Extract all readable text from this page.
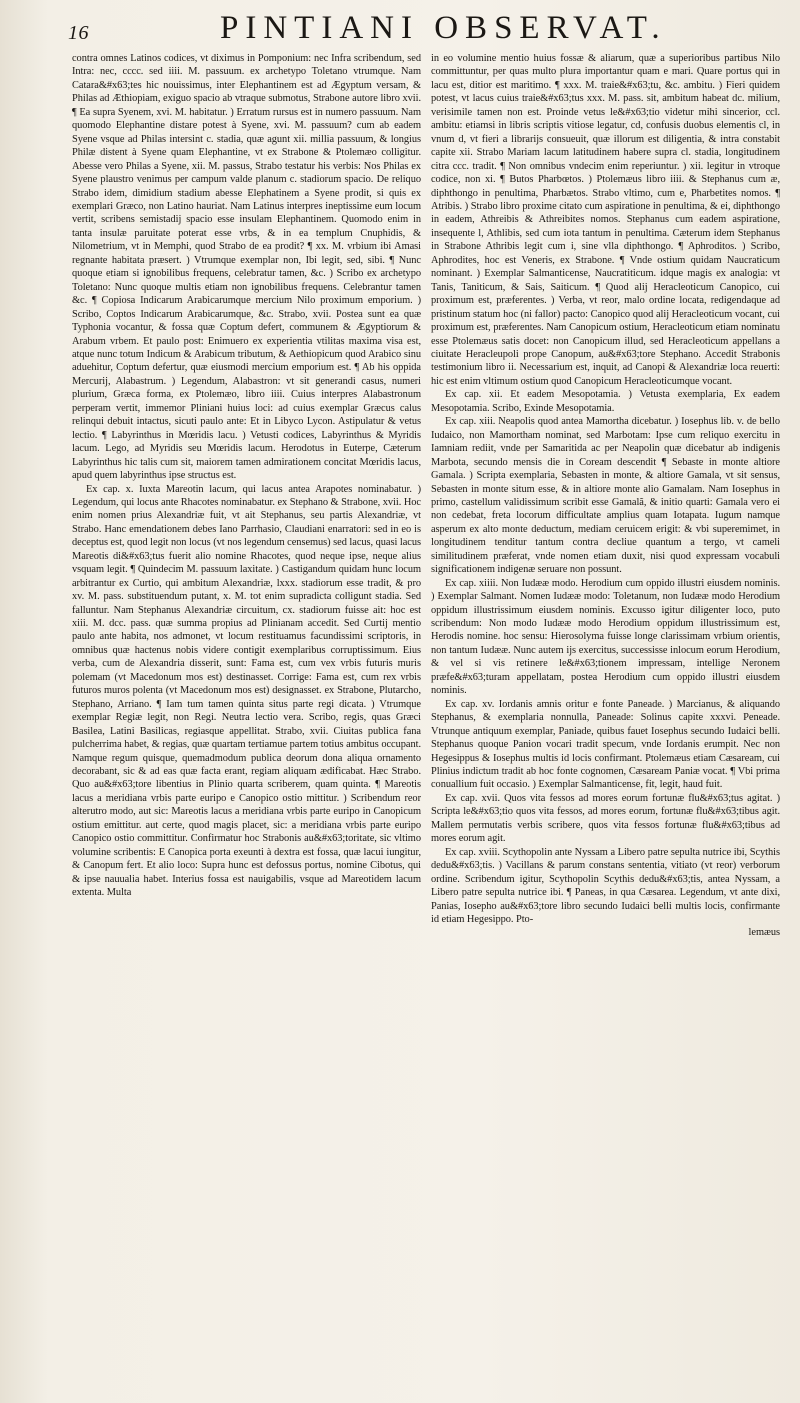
16	PINTIANI OBSERVAT.

contra omnes Latinos codices, vt diximus in Pomponium: nec Infra scribendum, sed Intra: nec, cccc. sed iiii. M. passuum. ex archetypo Toletano vtrumque. Nam Catara&#x63;tes hic nouissimus, inter Elephantinem est ad Ægyptum versam, & Philas ad Æthiopiam, exiguo spacio ab vtraque submotus, Strabone autore libro xvii. ¶ Ea supra Syenem, xvi. M. habitatur. ) Erratum rursus est in numero passuum. Nam quomodo Elephantine distare potest à Syene, xvi. M. passuum? cum ab eadem Syene vsque ad Philas intersint c. stadia, quæ agunt xii. millia passuum, & longius Philæ distent à Syene quam Elephantine, vt ex Strabone & Ptolemæo colligitur. Abesse vero Philas a Syene, xii. M. passus, Strabo testatur his verbis: Nos Philas ex Syene plaustro venimus per campum valde planum c. stadiorum spacio. De reliquo Strabo idem, dimidium stadium abesse Elephatinem a Syene prodit, si quis ex exemplari Græco, non Latino hauriat. Nam Latinus interpres ineptissime eum locum vertit, scribens semistadij spacio esse insulam Elephantinem. Quomodo enim in tanta insulæ paruitate poterat esse vrbs, & in ea templum Cnuphidis, & Nilometrium, vt in Memphi, quod Strabo de ea prodit? ¶ xx. M. vrbium ibi Amasi regnante habitata præsert. ) Vtrumque exemplar non, Ibi legit, sed, sibi. ¶ Nunc quoque etiam si ignobilibus frequens, celebratur tamen, &c. ) Scribo ex archetypo Toletano: Nunc quoque multis etiam non ignobilibus frequens. Celebrantur tamen &c. ¶ Copiosa Indicarum Arabicarumque mercium Nilo proximum emporium. ) Scribo, Coptos Indicarum Arabicarumque, &c. Strabo, xvii. Postea sunt ea quæ Typhonia vocantur, & fossa quæ Coptum defert, communem & Ægyptiorum & Arabum vrbem. Et paulo post: Enimuero ex experientia vtilitas maxima visa est, atque nunc totum Indicum & Arabicum tributum, & Aethiopicum quod Arabico sinu aduehitur, Coptum defertur, quæ eiusmodi mercium emporium est. ¶ Ab his oppida Mercurij, Alabastrum. ) Legendum, Alabastron: vt sit generandi casus, numeri plurium, Græca forma, ex Ptolemæo, libro iiii. Cuius interpres Alabastronum perperam vertit, immemor Pliniani huius loci: ad cuius exemplar Græcus calus relinqui debuit intactus, sicuti paulo ante: Et in Libyco Lycon. Astipulatur & vetus lectio. ¶ Labyrinthus in Mœridis lacu. ) Vetusti codices, Labyrinthus & Myridis lacum. Lego, ad Myridis seu Mœridis lacum. Herodotus in Euterpe, Cæterum Labyrinthus hic talis cum sit, maiorem tamen admirationem concitat Mœridis lacus, apud quem labyrinthus ipse structus est.

Ex cap. x. Iuxta Mareotin lacum, qui lacus antea Arapotes nominabatur. ) Legendum, qui locus ante Rhacotes nominabatur. ex Stephano & Strabone, xvii. Hoc enim nomen prius Alexandriæ fuit, vt ait Stephanus, seu partis Alexandriæ, vt Strabo. Hanc emendationem debes Iano Parrhasio, Claudiani enarratori: sed in eo is deceptus est, quod legit non locus (vt nos legendum censemus) sed lacus, quasi lacus Mareotis di&#x63;tus fuerit alio nomine Rhacotes, quod neque ipse, neque alius vsquam legit. ¶ Quindecim M. passuum laxitate. ) Castigandum quidam hunc locum arbitrantur ex Curtio, qui ambitum Alexandriæ, lxxx. stadiorum esse tradit, & pro xv. M. pass. substituendum putant, x. M. tot enim supradicta colligunt stadia. Sed falluntur. Nam Stephanus Alexandriæ circuitum, cx. stadiorum fuisse ait: hoc est xiii. M. dcc. pass. quæ summa propius ad Plinianam accedit. Sed Curtij mentio paulo ante habita, nos admonet, vt locum restituamus facundissimi scriptoris, in omnibus quæ hactenus nobis videre contigit exemplaribus corruptissimum. Eius verba, cum de Alexandria disserit, sunt: Fama est, cum vex vrbis futuris muris polemam (vt Macedonum mos est) destinasset. Corrige: Fama est, cum rex vrbis futuros muros polenta (vt Macedonum mos est) designasset. ex Strabone, Plutarcho, Stephano, Arriano. ¶ Iam tum tamen quinta situs parte regi dicata. ) Vtrumque exemplar Regiæ legit, non Regi. Neutra lectio vera. Scribo, regis, quas Græci Basilea, Latini Basilicas, regiasque appellitat. Strabo, xvii. Ciuitas publica fana pulcherrima habet, & regias, quæ quartam tertiamue partem totius ambitus occupant. Namque regum quisque, quemadmodum publica deorum dona aliqua ornamento decorabant, sic & ad eas quæ facta erant, regiam aliquam ædificabat. Hæc Strabo. Quo au&#x63;tore libentius in Plinio quarta scriberem, quam quinta. ¶ Mareotis lacus a meridiana vrbis parte euripo e Canopico ostio mittitur. ) Scribendum reor alterutro modo, aut sic: Mareotis lacus a meridiana vrbis parte euripo in Canopicum ostium emittitur. aut certe, quod magis placet, sic: a meridiana vrbis parte euripo Canopico ostio committitur. Confirmatur hoc Strabonis au&#x63;toritate, sic vltimo volumine scribentis: E Canopica porta exeunti à dextra est fossa, quæ lacui iungitur, & Canopum fert. Et alio loco: Supra hunc est defossus portus, nomine Cibotus, qui & ipse nauualia habet. Interius fossa est nauigabilis, vsque ad Mareotidem lacum extenta. Multa

in eo volumine mentio huius fossæ & aliarum, quæ a superioribus partibus Nilo committuntur, per quas multo plura importantur quam e mari. Quare portus qui in lacu est, ditior est maritimo. ¶ xxx. M. traie&#x63;tu, &c. ambitu. ) Fieri quidem potest, vt lacus cuius traie&#x63;tus xxx. M. pass. sit, ambitum habeat dc. milium, verisimile tamen non est. Proinde vetus le&#x63;tio videtur mihi sincerior, ccl. ambitu: etiamsi in libris scriptis vitiose legatur, cd, confusis duobus elementis cl, in vnum d, vt fieri a librarijs consueuit, quæ illorum est diligentia, & intra constabit capite xii. Strabo Mariam lacum latitudinem habere supra cl. stadia, longitudinem citra ccc. tradit. ¶ Non omnibus vndecim enim reperiuntur. ) xii. legitur in vtroque codice, non xi. ¶ Butos Pharbœtos. ) Ptolemæus libro iiii. & Stephanus cum æ, diphthongo in penultima, Pharbætos. Strabo vltimo, cum e, Pharbetites nomos. ¶ Atribis. ) Strabo libro proxime citato cum aspiratione in penultima, & ei, diphthongo in eadem, Athreibis & Athreibites nomos. Stephanus cum eadem aspiratione, insequente l, Athlibis, sed cum iota tantum in penultima. Cæterum idem Stephanus in Strabone Athribis legit cum i, sine vlla diphthongo. ¶ Aphroditos. ) Scribo, Aphrodites, hoc est Veneris, ex Strabone. ¶ Vnde ostium quidam Naucraticum nominant. ) Exemplar Salmanticense, Naucratiticum. idque magis ex analogia: vt Tanis, Taniticum, & Sais, Saiticum. ¶ Quod alij Heracleoticum Canopico, cui proximum est, præferentes. ) Verba, vt reor, malo ordine locata, redigendaque ad pristinum statum hoc (ni fallor) pacto: Canopico quod alij Heracleoticum vocant, cui proximum est, præferentes. Nam Canopicum ostium, Heracleoticum etiam nominatu esse Ptolemæus satis docet: non Canopicum illud, sed Heracleoticum appellans a ciuitate Heracleupoli prope Canopum, au&#x63;tore Stephano. Accedit Strabonis testimonium libro ii. Necessarium est, inquit, ad Canopi & Alexandriæ loca reuerti: hic est enim vltimum ostium quod Canopicum Heracleoticumque vocant.

Ex cap. xii. Et eadem Mesopotamia. ) Vetusta exemplaria, Ex eadem Mesopotamia. Scribo, Exinde Mesopotamia.

Ex cap. xiii. Neapolis quod antea Mamortha dicebatur. ) Iosephus lib. v. de bello Iudaico, non Mamortham nominat, sed Marbotam: Ipse cum reliquo exercitu in Iamniam rediit, vnde per Samaritida ac per Neapolin quæ dicebatur ab indigenis Marbota, secundo mensis die in Coream descendit ¶ Sebaste in monte altiore Gamala. ) Scripta exemplaria, Sebasten in monte, & altiore Gamala, vt sit sensus, Sebasten in monte situm esse, & in altiore monte alio Gamalam. Nam Iosephus in primo, castellum validissimum scribit esse Gamalã, & initio quarti: Gamala vero ei non cedebat, freta locorum difficultate amplius quam Iotapata. Iugum namque asperum ex alto monte deductum, mediam ceruicem erigit: & vbi superemimet, in longitudinem tenditur tantum contra decliue quantum a tergo, vt cameli similitudinem præferat, vnde nomen etiam duxit, nisi quod expressam vocabuli significationem indigenæ seruare non possunt.

Ex cap. xiiii. Non Iudææ modo. Herodium cum oppido illustri eiusdem nominis. ) Exemplar Salmant. Nomen Iudææ modo: Toletanum, non Iudææ modo Herodium oppidum illustrissimum eiusdem nominis. Excusso igitur diligenter loco, puto scribendum: Non modo Iudææ modo Herodium oppidum illustrissimum est, Herodis nomine. hoc sensu: Hierosolyma fuisse longe clarissimam vrbium orientis, non tantum Iudææ. Nunc autem ijs exercitus, successisse inlocum eorum Herodium, & vel si vis retinere le&#x63;tionem impressam, intellige Neronem præfe&#x63;turam appellatam, postea Herodium cum oppido illustri eiusdem nominis.

Ex cap. xv. Iordanis amnis oritur e fonte Paneade. ) Marcianus, & aliquando Stephanus, & exemplaria nonnulla, Paneade: Solinus capite xxxvi. Peneade. Vtrunque antiquum exemplar, Paniade, quibus fauet Iosephus secundo Iudaici belli. Stephanus quoque Panion vocari tradit specum, vnde Iordanis erumpit. Nec non Hegesippus & Iosephus multis id locis confirmant. Ptolemæus etiam Cæsaream, cui Plinius indictum tradit ab hoc fonte cognomen, Cæsaream Paniæ vocat. ¶ Vbi prima conuallium fuit occasio. ) Exemplar Salmanticense, fit, legit, haud fuit.

Ex cap. xvii. Quos vita fessos ad mores eorum fortunæ flu&#x63;tus agitat. ) Scripta le&#x63;tio quos vita fessos, ad mores eorum, fortunæ flu&#x63;tibus agit. Mallem permutatis verbis scribere, quos vita fessos fortunæ flu&#x63;tibus ad mores eorum agit.

Ex cap. xviii. Scythopolin ante Nyssam a Libero patre sepulta nutrice ibi, Scythis dedu&#x63;tis. ) Vacillans & parum constans sententia, vitiato (vt reor) verborum ordine. Scribendum igitur, Scythopolin Scythis dedu&#x63;tis, antea Nyssam, a Libero patre sepulta nutrice ibi. ¶ Paneas, in qua Cæsarea. Legendum, vt ante dixi, Panias, Iosepho au&#x63;tore libro secundo Iudaici belli multis locis, confirmante id etiam Hegesippo. Pto-

lemæus
